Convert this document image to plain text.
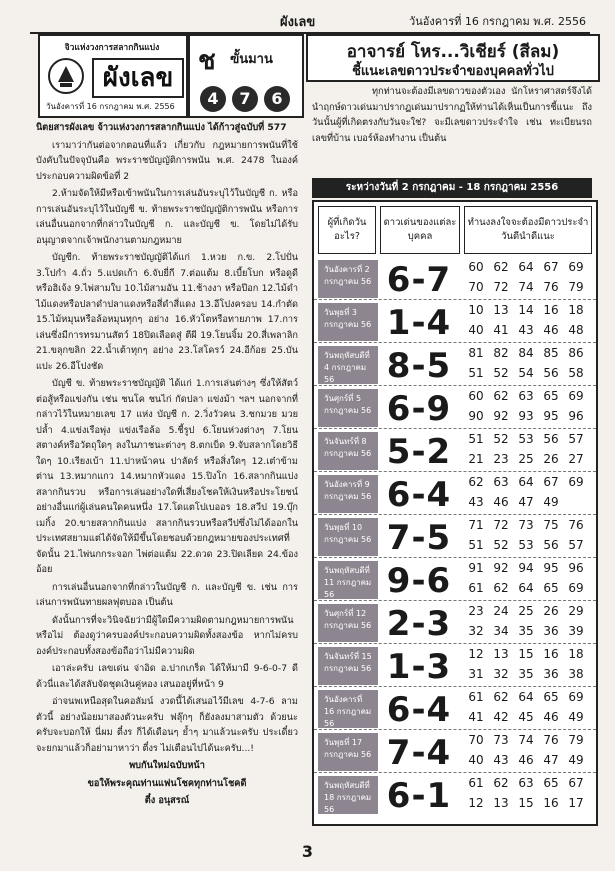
ผังเลข	วันอังคารที่ 16 กรกฎาคม พ.ศ. 2556
จิวแห่งวงการสลากกินแบ่ง
ผังเลข
วันอังคารที่ 16 กรกฎาคม พ.ศ. 2556
ช ฃั้นมาน
4	7	6

นิตยสารผังเลข จ้าวแห่งวงการสลากกินแบ่ง ได้ก้าวสู่ฉบับที่ 577

เรามาว่ากันต่อจากตอนที่แล้ว เกี่ยวกับ กฎหมายการพนันที่ใช้บังคับในปัจจุบันคือ พระราชบัญญัติการพนัน พ.ศ. 2478 ในองค์ประกอบความผิดข้อที่ 2

2.ห้ามจัดให้มีหรือเข้าพนันในการเล่นอันระบุไว้ในบัญชี ก. หรือการเล่นอันระบุไว้ในบัญชี ข. ท้ายพระราชบัญญัติการพนัน หรือการเล่นอื่นนอกจากที่กล่าวในบัญชี ก. และบัญชี ข. โดยไม่ได้รับอนุญาตจากเจ้าพนักงานตามกฎหมาย

บัญชีก. ท้ายพระราชบัญญัติได้แก่ 1.หวย ก.ข. 2.โปปั่น 3.โปกำ 4.ถั่ว 5.แปดเก้า 6.จับยี่กี 7.ต่อแต้ม 8.เบี้ยโบก หรือดูดี หรือฮิเจ้ง 9.ไพ่สามใบ 10.ไม้สามอัน 11.ช้างงา หรือป๊อก 12.ไม้ดำไม้แดงหรือปลาดำปลาแดงหรือสี่ดำสี่แดง 13.อีโปงครอบ 14.กำตัด 15.ไม้หมุนหรือล้อหมุนทุกๆ อย่าง 16.หัวโตหรือทายภาพ 17.การเล่นซึ่งมีการทรมานสัตว์ 18ปิดเลือดสู่ ตีผี 19.โยนจิ้ม 20.สี่เพลาลิก 21.ขลุกขลิก 22.น้ำเต้าทุกๆ อย่าง 23.โสโครว์ 24.อีก้อย 25.บันแปะ 26.อีโปงชัด

บัญชี ข. ท้ายพระราชบัญญัติ ได้แก่ 1.การเล่นต่างๆ ซึ่งให้สัตว์ต่อสู้หรือแข่งกัน เช่น ชนโค ชนไก่ กัดปลา แข่งม้า ฯลฯ นอกจากที่กล่าวไว้ในหมายเลข 17 แห่ง บัญชี ก. 2.วิ่งวัวคน 3.ชกมวย มวยปล้ำ 4.แข่งเรือพุ่ง แข่งเรือล้อ 5.ชี้รูป 6.โยนห่วงต่างๆ 7.โยนสตางค์หรือวัตถุใดๆ ลงในภาชนะต่างๆ 8.ตกเบ็ด 9.จับสลากโดยวิธีใดๆ 10.เรียงเบ้า 11.ปาหน้าคน ปาลัดร์ หรือสิ่งใดๆ 12.เต๋าข้ามต่าน 13.หมากแกว 14.หมากหัวแดง 15.ปิงโก 16.สลากกินแบ่ง สลากกินรวบ หรือการเล่นอย่างใดที่เสี่ยงโชคให้เงินหรือประโยชน์อย่างอื่นแก่ผู้เล่นคนใดคนหนึ่ง 17.โดแตโปเบออร 18.สวีป 19.บุ๊กเมกิ้ง 20.ขายสลากกินแบ่ง สลากกินรวบหรือสวีปซึ่งไม่ได้ออกในประเทศสยามแต่ได้จัดให้มีขึ้นโดยชอบด้วยกฎหมายของประเทศที่จัดนั้น 21.ไพ่นกกระจอก ไพ่ต่อแต้ม 22.ดวด 23.ปิดเลียด 24.ข้องอ้อย

การเล่นอื่นนอกจากที่กล่าวในบัญชี ก. และบัญชี ข. เช่น การเล่นการพนันทายผลฟุตบอล เป็นต้น

ดังนั้นการที่จะวินิจฉัยว่ามีผู้ใดมีความผิดตามกฎหมายการพนันหรือไม่ ต้องดูว่าครบองค์ประกอบความผิดทั้งสองข้อ หากไม่ครบองค์ประกอบทั้งสองข้อถือว่าไม่มีความผิด

เอาล่ะครับ เลขเด่น จ่าอิด อ.ปากเกร็ด ได้ให้มามี 9-6-0-7 ดีด้วนี่และได้สลับจัดชุดเงินคู่หอง เสนออยู่ที่หน้า 9

อ่าจนพเหนือสุดในคอลัมน์ งวดนี้ได้เสนอไว้มีเลข 4-7-6 ลามตัวนี้ อย่างน้อยมาสองตัวนะครับ ฟลุ๊กๆ ก็ยังลงมาสามตัว ด้วยนะครับจะบอกให้ นี่ผม ตี๋งร ก็ได้เดือนๆ ย้ำๆ มาแล้วนะครับ ประเดี๋ยวจะยกมาแล้วก็อย่ามาหาว่า ตี๋งร ไม่เตือนไปได้นะครับ...!

พบกันใหม่ฉบับหน้า

ขอให้พระคุณท่านแฟนโชคทุกท่านโชคดี

ตี๋ง อนุสรณ์

อาจารย์ โหร...วิเชียร์ (สีลม)
ชี้แนะเลขดาวประจำของบุคคลทั่วไป

ทุกท่านจะต้องมีเลขดาวของตัวเอง นักโหราศาสตร์จึงได้นำฤกษ์ดาวเด่นมาปรากฏเด่นมาปรากฏให้ท่านได้เห็นเป็นการชี้แนะ ถึงวันนั้นผู้ที่เกิดตรงกับวันจะใช่? จะมีเลขดาวประจำใจ เช่น ทะเบียนรถ เลขที่บ้าน เบอร์ห้องทำงาน เป็นต้น

ระหว่างวันที่ 2 กรกฎาคม - 18 กรกฎาคม 2556
ผู้ที่เกิดวันอะไร?
ดาวเด่นของแต่ละบุคคล
ทำนงลงใจจะต้องมีดาวประจำวันดีนำดีแนะ
วันอังคารที่ 2 กรกฎาคม 56 6-7	60 62 64 67 69
70 72 74 76 79
วันพุธที่ 3 กรกฎาคม 56 1-4	10 13 14 16 18
40 41 43 46 48
วันพฤหัสบดีที่ 4 กรกฎาคม 56	8-5	81 82 84 85 86
51 52 54 56 58
วันศุกร์ที่ 5 กรกฎาคม 56 6-9	60 62 63 65 69
90 92 93 95 96
วันจันทร์ที่ 8 กรกฎาคม 56 5-2	51 52 53 56 57
21 23 25 26 27
วันอังคารที่ 9 กรกฎาคม 56 6-4	62 63 64 67 69
43 46 47 49
วันพุธที่ 10 กรกฎาคม 56 7-5	71 72 73 75 76
51 52 53 56 57
วันพฤหัสบดีที่ 11 กรกฎาคม 56	9-6	91 92 94 95 96
61 62 64 65 69
วันศุกร์ที่ 12 กรกฎาคม 56 2-3	23 24 25 26 29
32 34 35 36 39
วันจันทร์ที่ 15 กรกฎาคม 56 1-3	12 13 15 16 18
31 32 35 36 38
วันอังคารที่ 16 กรกฎาคม 56	6-4	61 62 64 65 69
41 42 45 46 49
วันพุธที่ 17 กรกฎาคม 56 7-4	70 73 74 76 79
40 43 46 47 49
วันพฤหัสบดีที่ 18 กรกฎาคม 56	6-1	61 62 63 65 67
12 13 15 16 17
3
